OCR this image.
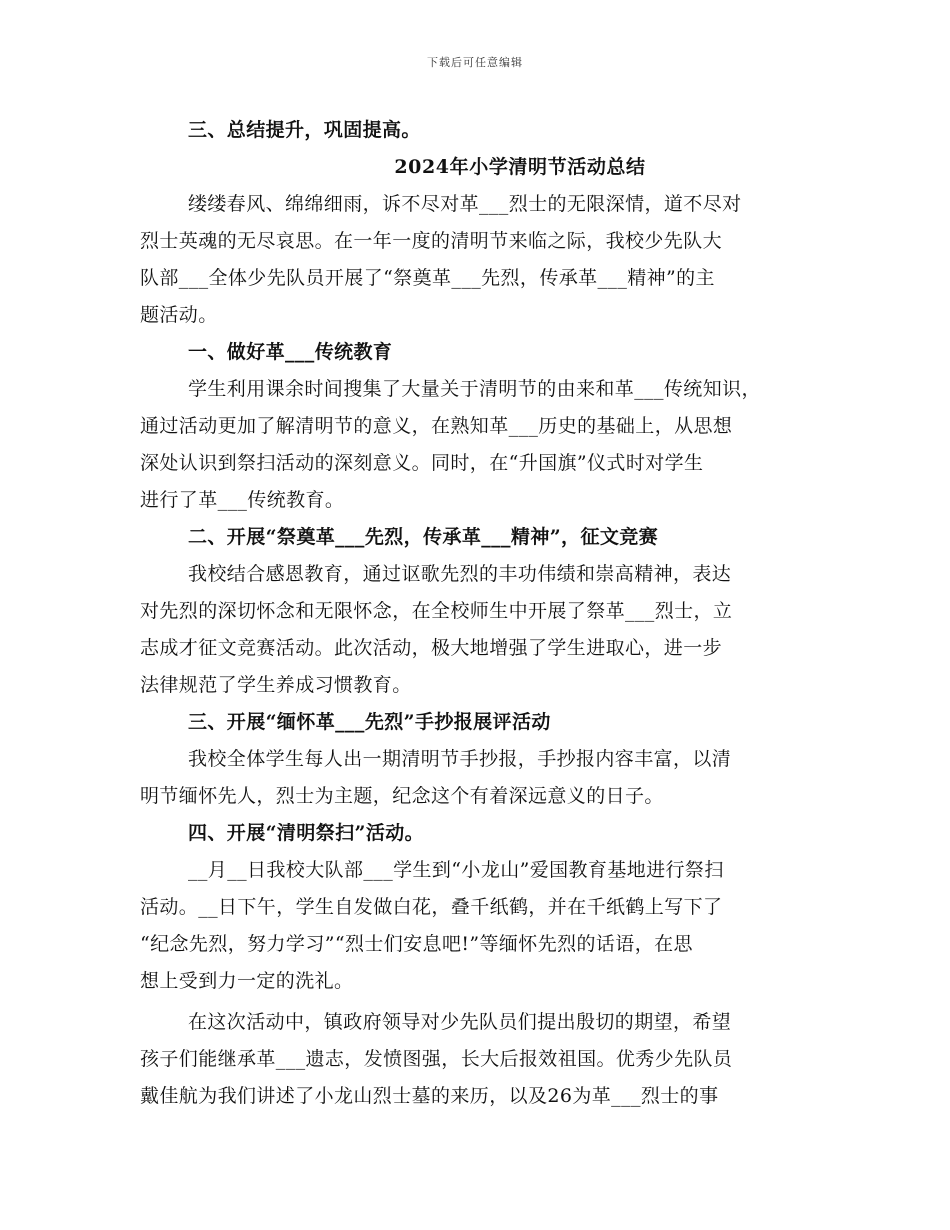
下载后可任意编辑
三、总结提升，巩固提高。
2024年小学清明节活动总结
缕缕春风、绵绵细雨，诉不尽对革___烈士的无限深情，道不尽对
烈士英魂的无尽哀思。在一年一度的清明节来临之际，我校少先队大
队部___全体少先队员开展了“祭奠革___先烈，传承革___精神”的主
题活动。
一、做好革___传统教育
学生利用课余时间搜集了大量关于清明节的由来和革___传统知识，
通过活动更加了解清明节的意义，在熟知革___历史的基础上，从思想
深处认识到祭扫活动的深刻意义。同时，在“升国旗”仪式时对学生
进行了革___传统教育。
二、开展“祭奠革___先烈，传承革___精神”，征文竞赛
我校结合感恩教育，通过讴歌先烈的丰功伟绩和崇高精神，表达
对先烈的深切怀念和无限怀念，在全校师生中开展了祭革___烈士，立
志成才征文竞赛活动。此次活动，极大地增强了学生进取心，进一步
法律规范了学生养成习惯教育。
三、开展“缅怀革___先烈”手抄报展评活动
我校全体学生每人出一期清明节手抄报，手抄报内容丰富，以清
明节缅怀先人，烈士为主题，纪念这个有着深远意义的日子。
四、开展“清明祭扫”活动。
__月__日我校大队部___学生到“小龙山”爱国教育基地进行祭扫
活动。__日下午，学生自发做白花，叠千纸鹤，并在千纸鹤上写下了
“纪念先烈，努力学习”“烈士们安息吧!”等缅怀先烈的话语，在思
想上受到力一定的洗礼。
在这次活动中，镇政府领导对少先队员们提出殷切的期望，希望
孩子们能继承革___遗志，发愤图强，长大后报效祖国。优秀少先队员
戴佳航为我们讲述了小龙山烈士墓的来历，以及26为革___烈士的事
